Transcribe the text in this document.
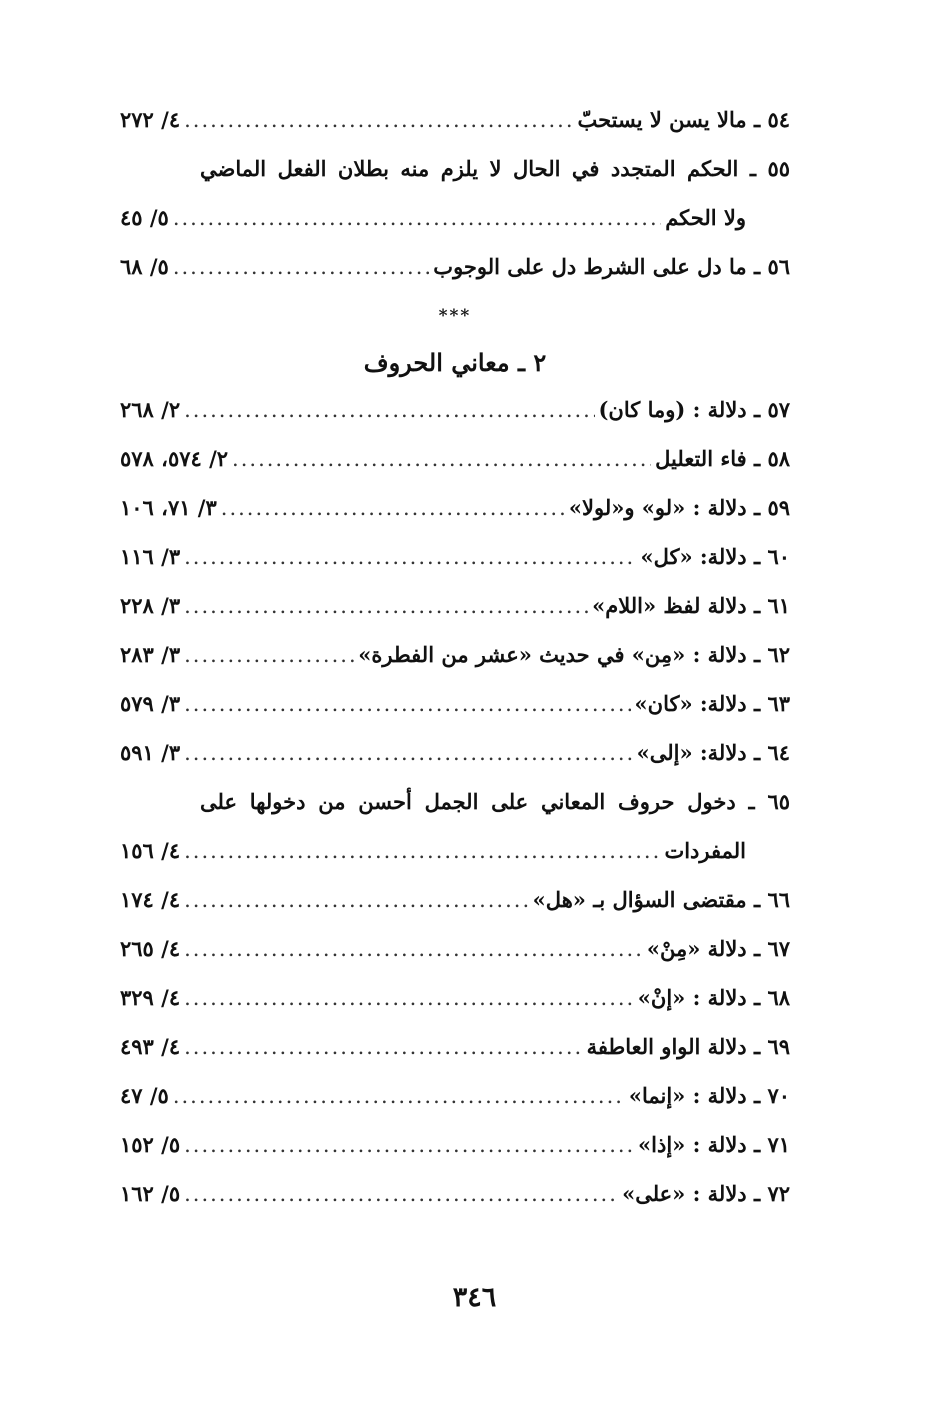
٥٤ ـ مالا يسن لا يستحبّ
.....
٤/ ٢٧٢
٥٥ ـ الحكم المتجدد في الحال لا يلزم منه بطلان الفعل الماضي
ولا الحكم
.....
٥/ ٤٥
٥٦ ـ ما دل على الشرط دل على الوجوب
.....
٥/ ٦٨
***
٢ ـ معاني الحروف
٥٧ ـ دلالة : (وما كان)
.....
٢/ ٢٦٨
٥٨ ـ فاء التعليل
.....
٢/ ٥٧٤، ٥٧٨
٥٩ ـ دلالة : «لو» و«لولا»
.....
٣/ ٧١، ١٠٦
٦٠ ـ دلالة: «كل»
.....
٣/ ١١٦
٦١ ـ دلالة لفظ «اللام»
.....
٣/ ٢٢٨
٦٢ ـ دلالة : «مِن» في حديث «عشر من الفطرة»
.....
٣/ ٢٨٣
٦٣ ـ دلالة: «كان»
.....
٣/ ٥٧٩
٦٤ ـ دلالة: «إلى»
.....
٣/ ٥٩١
٦٥ ـ دخول حروف المعاني على الجمل أحسن من دخولها على
المفردات
.....
٤/ ١٥٦
٦٦ ـ مقتضى السؤال بـ «هل»
.....
٤/ ١٧٤
٦٧ ـ دلالة «مِنْ»
.....
٤/ ٢٦٥
٦٨ ـ دلالة : «إنْ»
.....
٤/ ٣٢٩
٦٩ ـ دلالة الواو العاطفة
.....
٤/ ٤٩٣
٧٠ ـ دلالة : «إنما»
.....
٥/ ٤٧
٧١ ـ دلالة : «إذا»
.....
٥/ ١٥٢
٧٢ ـ دلالة : «على»
.....
٥/ ١٦٢
٣٤٦
